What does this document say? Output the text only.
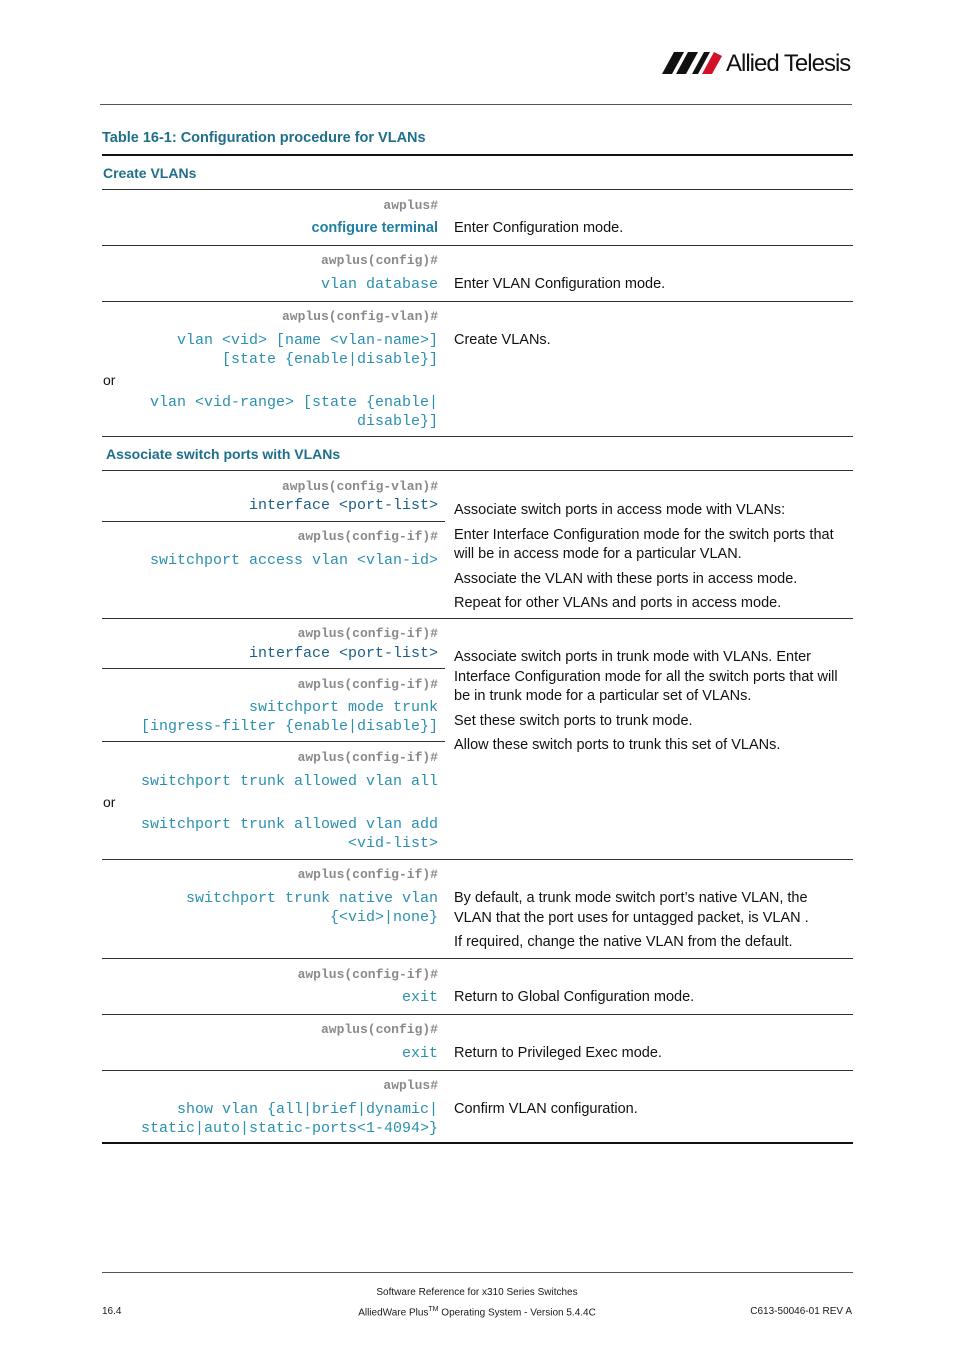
Allied Telesis
Table 16-1: Configuration procedure for VLANs
Create VLANs
awplus#
configure terminal Enter Configuration mode.
awplus(config)#
vlan database Enter VLAN Configuration mode.
awplus(config-vlan)#
vlan <vid> [name <vlan-name>]
[state {enable|disable}]
or
vlan <vid-range> [state {enable|
disable}]
Create VLANs.
Associate switch ports with VLANs
awplus(config-vlan)#
interface <port-list>
awplus(config-if)#
switchport access vlan <vlan-id>
Associate switch ports in access mode with VLANs:
Enter Interface Configuration mode for the switch ports that will be in access mode for a particular VLAN.
Associate the VLAN with these ports in access mode.
Repeat for other VLANs and ports in access mode.
awplus(config-if)#
interface <port-list>
awplus(config-if)#
switchport mode trunk
[ingress-filter {enable|disable}]
awplus(config-if)#
switchport trunk allowed vlan all
or
switchport trunk allowed vlan add
<vid-list>
Associate switch ports in trunk mode with VLANs. Enter Interface Configuration mode for all the switch ports that will be in trunk mode for a particular set of VLANs.
Set these switch ports to trunk mode.
Allow these switch ports to trunk this set of VLANs.
awplus(config-if)#
switchport trunk native vlan
{<vid>|none}
By default, a trunk mode switch port’s native VLAN, the VLAN that the port uses for untagged packet, is VLAN .
If required, change the native VLAN from the default.
awplus(config-if)#
exit Return to Global Configuration mode.
awplus(config)#
exit Return to Privileged Exec mode.
awplus#
show vlan {all|brief|dynamic|
static|auto|static-ports<1-4094>}
Confirm VLAN configuration.
Software Reference for x310 Series Switches
16.4	AlliedWare Plus™ Operating System - Version 5.4.4C	C613-50046-01 REV A
